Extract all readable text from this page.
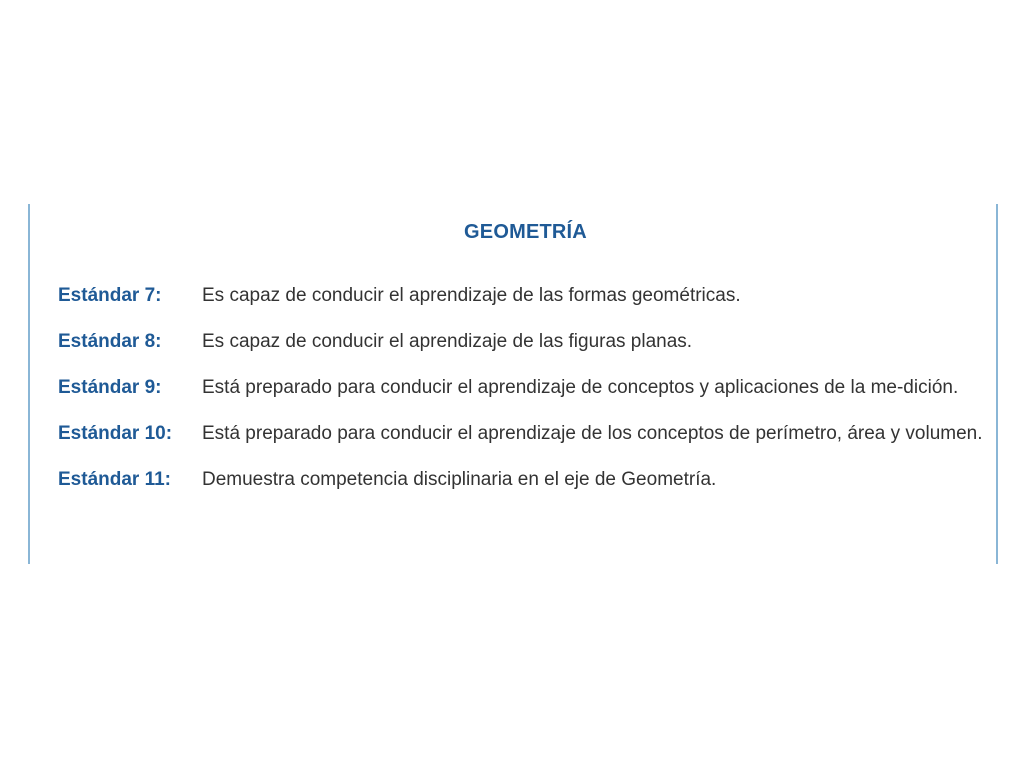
GEOMETRÍA
Estándar 7:	Es capaz de conducir el aprendizaje de las formas geométricas.
Estándar 8:	Es capaz de conducir el aprendizaje de las figuras planas.
Estándar 9:	Está preparado para conducir el aprendizaje de conceptos y aplicaciones de la me-dición.
Estándar 10:	Está preparado para conducir el aprendizaje de los conceptos de perímetro, área y volumen.
Estándar 11:	Demuestra competencia disciplinaria en el eje de Geometría.
